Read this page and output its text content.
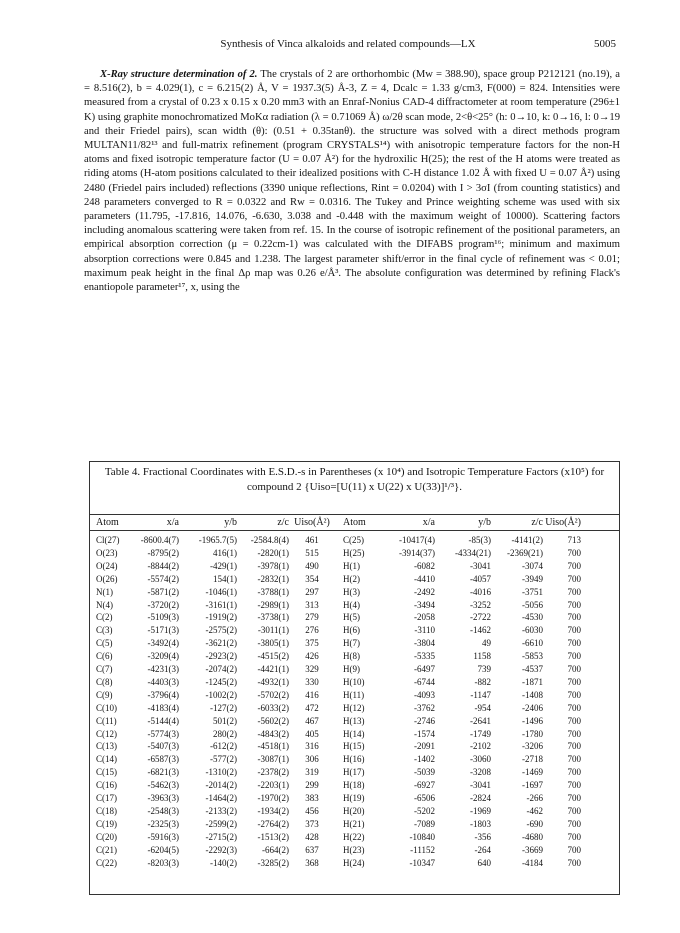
Synthesis of Vinca alkaloids and related compounds—LX	5005

X-Ray structure determination of 2. The crystals of 2 are orthorhombic (Mw = 388.90), space group P212121 (no.19), a = 8.516(2), b = 4.029(1), c = 6.215(2) Å, V = 1937.3(5) Å-3, Z = 4, Dcalc = 1.33 g/cm3, F(000) = 824. Intensities were measured from a crystal of 0.23 x 0.15 x 0.20 mm3 with an Enraf-Nonius CAD-4 diffractometer at room temperature (296±1 K) using graphite monochromatized MoKα radiation (λ = 0.71069 Å) ω/2θ scan mode, 2<θ<25° (h: 0→10, k: 0→16, l: 0→19 and their Friedel pairs), scan width (θ): (0.51 + 0.35tanθ). the structure was solved with a direct methods program MULTAN11/82¹³ and full-matrix refinement (program CRYSTALS¹⁴) with anisotropic temperature factors for the non-H atoms and fixed isotropic temperature factor (U = 0.07 Å²) for the hydroxilic H(25); the rest of the H atoms were treated as riding atoms (H-atom positions calculated to their idealized positions with C-H distance 1.02 Å with fixed U = 0.07 Å²) using 2480 (Friedel pairs included) reflections (3390 unique reflections, Rint = 0.0204) with I > 3σI (from counting statistics) and 248 parameters converged to R = 0.0322 and Rw = 0.0316. The Tukey and Prince weighting scheme was used with six parameters (11.795, -17.816, 14.076, -6.630, 3.038 and -0.448 with the maximum weight of 10000). Scattering factors including anomalous scattering were taken from ref. 15. In the course of isotropic refinement of the positional parameters, an empirical absorption correction (μ = 0.22cm-1) was calculated with the DIFABS program¹⁶; minimum and maximum absorption corrections were 0.845 and 1.238. The largest parameter shift/error in the final cycle of refinement was < 0.01; maximum peak height in the final Δρ map was 0.26 e/Å³. The absolute configuration was determined by refining Flack's enantiopole parameter¹⁷, x, using the

Table 4. Fractional Coordinates with E.S.D.-s in Parentheses (x 10⁴) and Isotropic Temperature Factors (x10⁵) for compound 2 {Uiso=[U(11) x U(22) x U(33)]¹/³}.
Atom	x/a	y/b	z/c Uiso(Å²)	Atom	x/a	y/b	z/c Uiso(Å²)
Cl(27)	-8600.4(7)	-1965.7(5)	-2584.8(4)	461	C(25)	-10417(4)	-85(3)	-4141(2)	713
O(23)	-8795(2)	416(1)	-2820(1)	515	H(25)	-3914(37)	-4334(21)	-2369(21)	700
O(24)	-8844(2)	-429(1)	-3978(1)	490	H(1)	-6082	-3041	-3074	700
O(26)	-5574(2)	154(1)	-2832(1)	354	H(2)	-4410	-4057	-3949	700
N(1)	-5871(2)	-1046(1)	-3788(1)	297	H(3)	-2492	-4016	-3751	700
N(4)	-3720(2)	-3161(1)	-2989(1)	313	H(4)	-3494	-3252	-5056	700
C(2)	-5109(3)	-1919(2)	-3738(1)	279	H(5)	-2058	-2722	-4530	700
C(3)	-5171(3)	-2575(2)	-3011(1)	276	H(6)	-3110	-1462	-6030	700
C(5)	-3492(4)	-3621(2)	-3805(1)	375	H(7)	-3804	49	-6610	700
C(6)	-3209(4)	-2923(2)	-4515(2)	426	H(8)	-5335	1158	-5853	700
C(7)	-4231(3)	-2074(2)	-4421(1)	329	H(9)	-6497	739	-4537	700
C(8)	-4403(3)	-1245(2)	-4932(1)	330	H(10)	-6744	-882	-1871	700
C(9)	-3796(4)	-1002(2)	-5702(2)	416	H(11)	-4093	-1147	-1408	700
C(10)	-4183(4)	-127(2)	-6033(2)	472	H(12)	-3762	-954	-2406	700
C(11)	-5144(4)	501(2)	-5602(2)	467	H(13)	-2746	-2641	-1496	700
C(12)	-5774(3)	280(2)	-4843(2)	405	H(14)	-1574	-1749	-1780	700
C(13)	-5407(3)	-612(2)	-4518(1)	316	H(15)	-2091	-2102	-3206	700
C(14)	-6587(3)	-577(2)	-3087(1)	306	H(16)	-1402	-3060	-2718	700
C(15)	-6821(3)	-1310(2)	-2378(2)	319	H(17)	-5039	-3208	-1469	700
C(16)	-5462(3)	-2014(2)	-2203(1)	299	H(18)	-6927	-3041	-1697	700
C(17)	-3963(3)	-1464(2)	-1970(2)	383	H(19)	-6506	-2824	-266	700
C(18)	-2548(3)	-2133(2)	-1934(2)	456	H(20)	-5202	-1969	-462	700
C(19)	-2325(3)	-2599(2)	-2764(2)	373	H(21)	-7089	-1803	-690	700
C(20)	-5916(3)	-2715(2)	-1513(2)	428	H(22)	-10840	-356	-4680	700
C(21)	-6204(5)	-2292(3)	-664(2)	637	H(23)	-11152	-264	-3669	700
C(22)	-8203(3)	-140(2)	-3285(2)	368	H(24)	-10347	640	-4184	700
